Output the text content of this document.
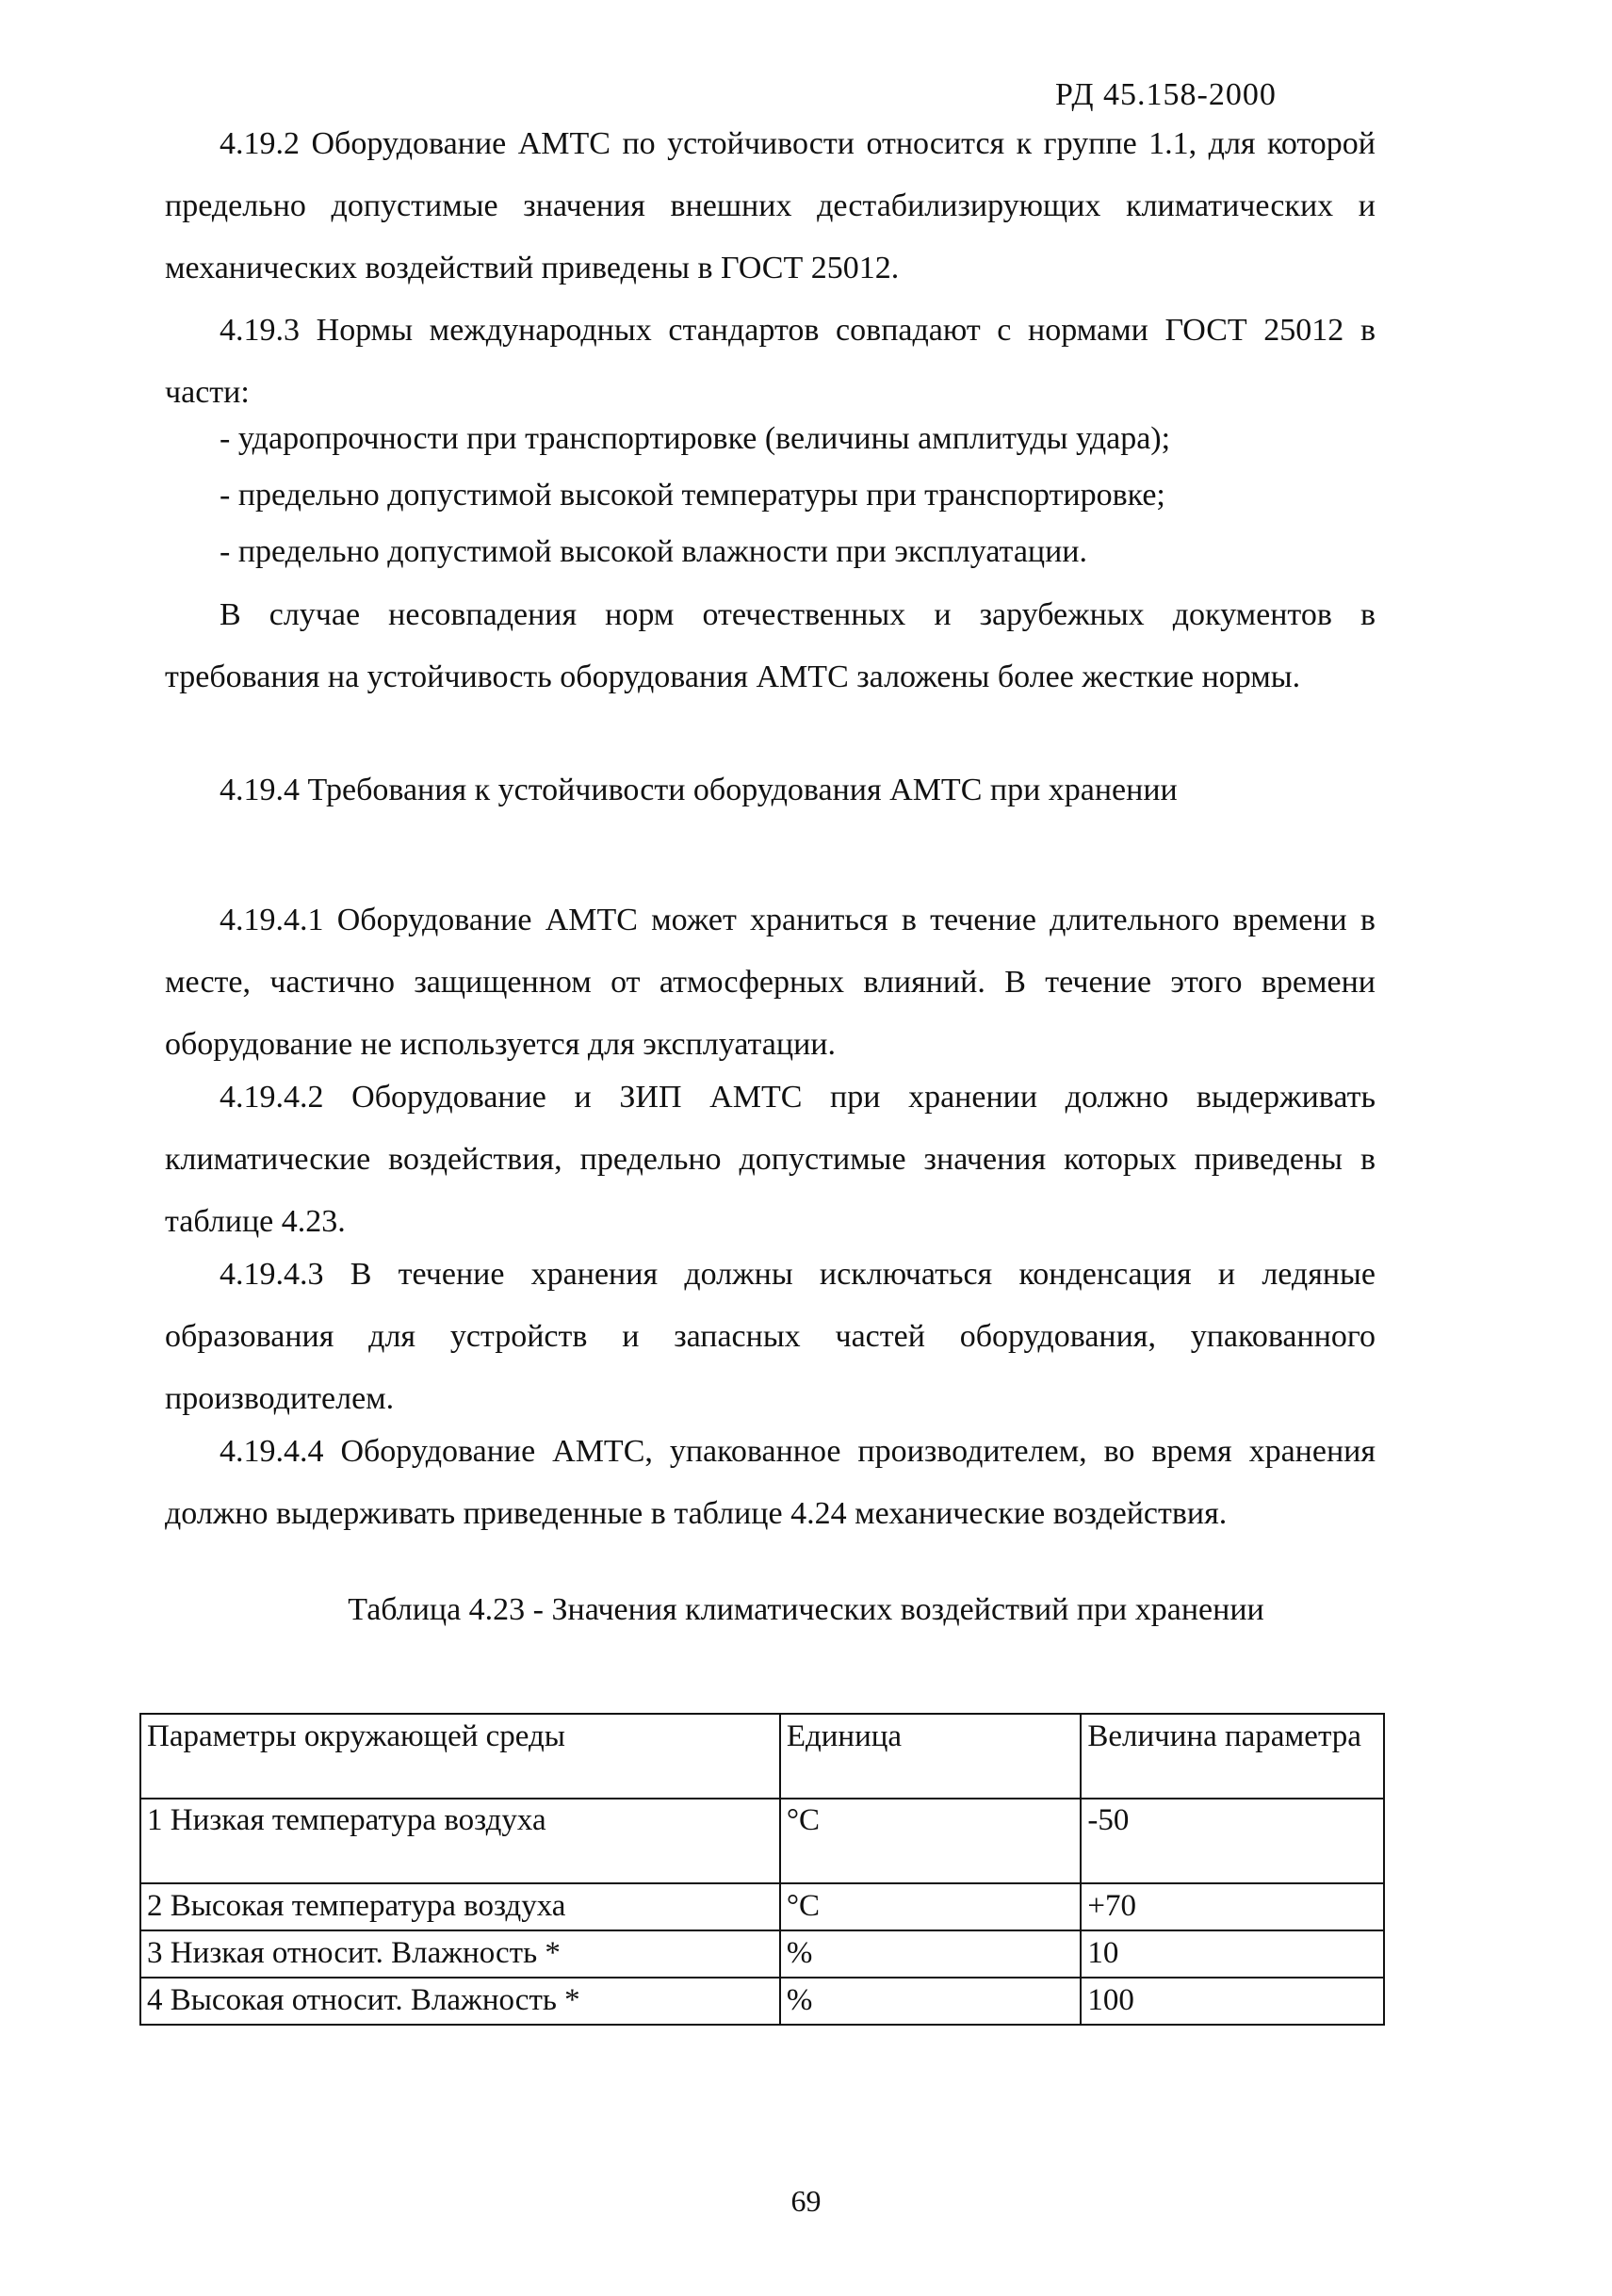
РД 45.158-2000
4.19.2 Оборудование АМТС по устойчивости относится к группе 1.1, для которой предельно допустимые значения внешних дестабилизирующих климатических и механических воздействий приведены в ГОСТ 25012.
4.19.3 Нормы международных стандартов совпадают с нормами ГОСТ 25012 в части:
- ударопрочности при транспортировке (величины амплитуды удара);
- предельно допустимой высокой температуры при транспортировке;
- предельно допустимой высокой влажности при эксплуатации.
В случае несовпадения норм отечественных и зарубежных документов в требования на устойчивость оборудования АМТС заложены более жесткие нормы.
4.19.4 Требования к устойчивости оборудования АМТС при хранении
4.19.4.1 Оборудование АМТС может храниться в течение длительного времени в месте, частично защищенном от атмосферных влияний. В течение этого времени оборудование не используется для эксплуатации.
4.19.4.2 Оборудование и ЗИП АМТС при хранении должно выдерживать климатические воздействия, предельно допустимые значения которых приведены в таблице 4.23.
4.19.4.3 В течение хранения должны исключаться конденсация и ледяные образования для устройств и запасных частей оборудования, упакованного производителем.
4.19.4.4 Оборудование АМТС, упакованное производителем, во время хранения должно выдерживать приведенные в таблице 4.24 механические воздействия.
Таблица 4.23 - Значения климатических воздействий при хранении
Параметры окружающей среды	Единица	Величина параметра
1 Низкая температура воздуха	°C	-50
2 Высокая температура воздуха	°C	+70
3 Низкая относит. Влажность *	%	10
4 Высокая относит. Влажность *	%	100
69
